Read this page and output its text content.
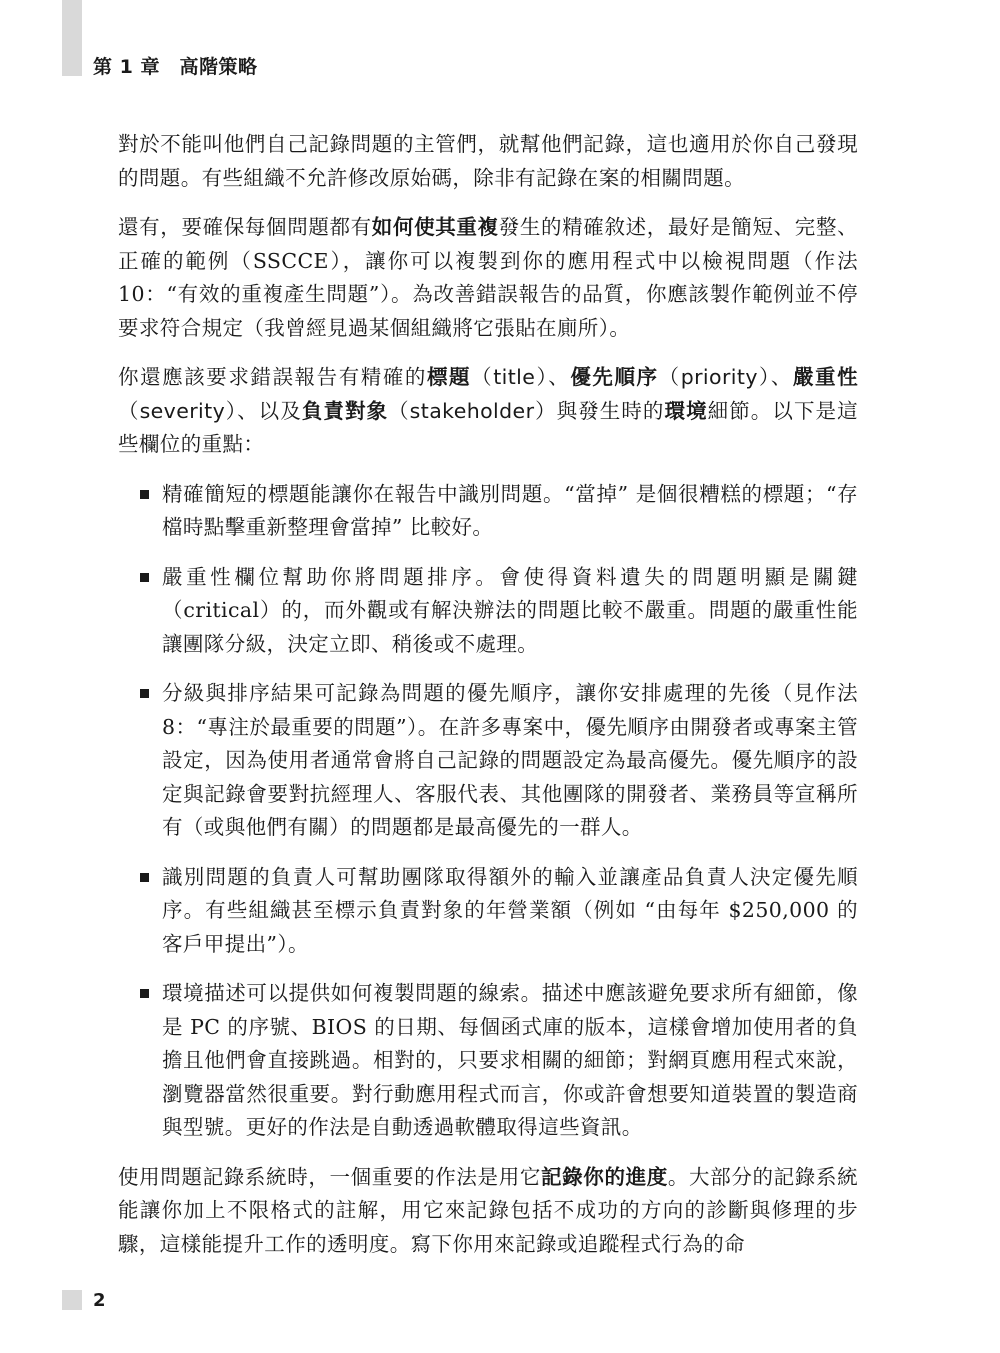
第 1 章　高階策略

對於不能叫他們自己記錄問題的主管們，就幫他們記錄，這也適用於你自己發現的問題。有些組織不允許修改原始碼，除非有記錄在案的相關問題。

還有，要確保每個問題都有如何使其重複發生的精確敘述，最好是簡短、完整、正確的範例（SSCCE），讓你可以複製到你的應用程式中以檢視問題（作法 10：“有效的重複產生問題”）。為改善錯誤報告的品質，你應該製作範例並不停要求符合規定（我曾經見過某個組織將它張貼在廁所）。

你還應該要求錯誤報告有精確的標題（title）、優先順序（priority）、嚴重性（severity）、以及負責對象（stakeholder）與發生時的環境細節。以下是這些欄位的重點：

精確簡短的標題能讓你在報告中識別問題。“當掉” 是個很糟糕的標題；“存檔時點擊重新整理會當掉” 比較好。
嚴重性欄位幫助你將問題排序。會使得資料遺失的問題明顯是關鍵（critical）的，而外觀或有解決辦法的問題比較不嚴重。問題的嚴重性能讓團隊分級，決定立即、稍後或不處理。
分級與排序結果可記錄為問題的優先順序，讓你安排處理的先後（見作法 8：“專注於最重要的問題”）。在許多專案中，優先順序由開發者或專案主管設定，因為使用者通常會將自己記錄的問題設定為最高優先。優先順序的設定與記錄會要對抗經理人、客服代表、其他團隊的開發者、業務員等宣稱所有（或與他們有關）的問題都是最高優先的一群人。
識別問題的負責人可幫助團隊取得額外的輸入並讓產品負責人決定優先順序。有些組織甚至標示負責對象的年營業額（例如 “由每年 $250,000 的客戶甲提出”）。
環境描述可以提供如何複製問題的線索。描述中應該避免要求所有細節，像是 PC 的序號、BIOS 的日期、每個函式庫的版本，這樣會增加使用者的負擔且他們會直接跳過。相對的，只要求相關的細節；對網頁應用程式來說，瀏覽器當然很重要。對行動應用程式而言，你或許會想要知道裝置的製造商與型號。更好的作法是自動透過軟體取得這些資訊。

使用問題記錄系統時，一個重要的作法是用它記錄你的進度。大部分的記錄系統能讓你加上不限格式的註解，用它來記錄包括不成功的方向的診斷與修理的步驟，這樣能提升工作的透明度。寫下你用來記錄或追蹤程式行為的命

2
